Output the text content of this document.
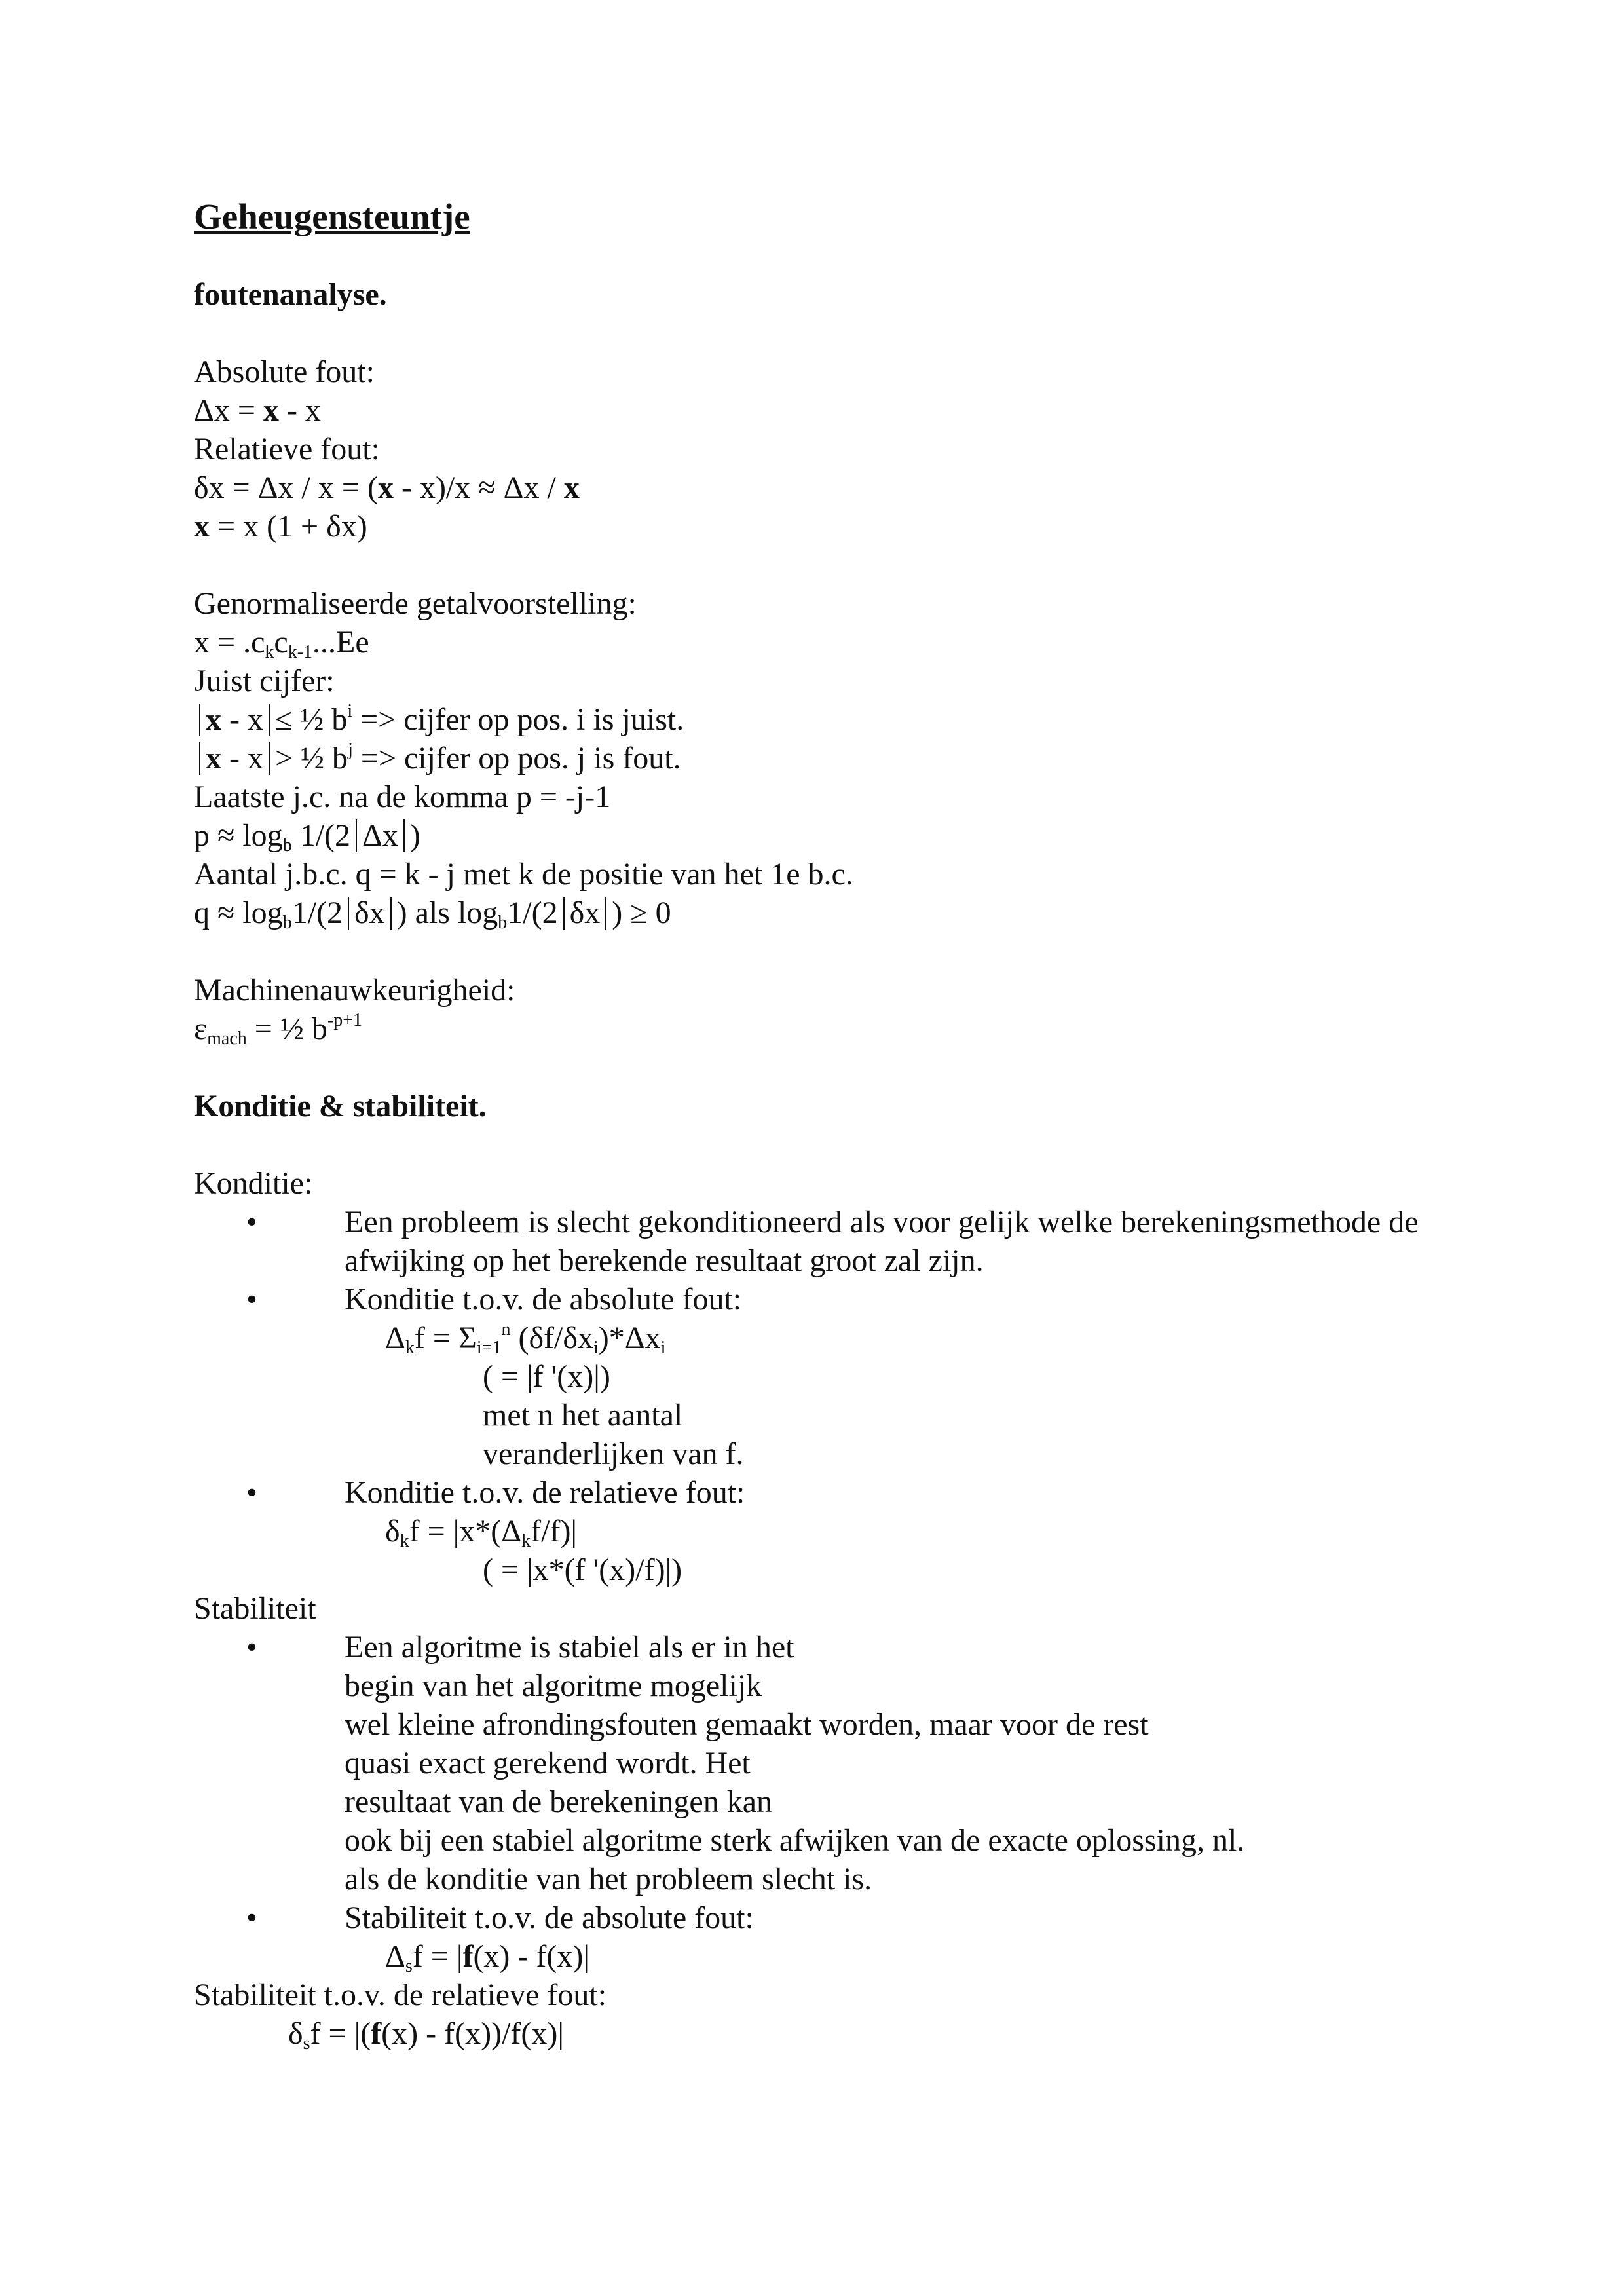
Geheugensteuntje
foutenanalyse.
Absolute fout:
Δx = x - x
Relatieve fout:
δx = Δx / x = (x - x)/x ≈ Δx / x
x = x (1 + δx)
Genormaliseerde getalvoorstelling:
$x = .c_kc_{k-1}...Ee$
Juist cijfer:
x - x ≤ ½ $b^i$ => cijfer op pos. i is juist.
x - x > ½ $b^j$ => cijfer op pos. j is fout.
Laatste j.c. na de komma p = -j-1
$p \approx \log_b 1/(2$ Δx )
Aantal j.b.c. q = k - j met k de positie van het 1e b.c.
$q \approx \log_b1/(2$ δx ) als $\log_b1/(2$ δx ) ≥ 0
Machinenauwkeurigheid:
$\varepsilon_{mach}$ = ½ $b^{-p+1}$
Konditie & stabiliteit.
Konditie:
•	Een probleem is slecht gekonditioneerd als voor gelijk welke berekeningsmethode de
afwijking op het berekende resultaat groot zal zijn.
•	Konditie t.o.v. de absolute fout:
$\Delta_kf = \Sigma_{i=1}^n$ $(\delta f/\delta x_i)*\Delta x_i$
( = |f '(x)|)
met n het aantal
veranderlijken van f.
•	Konditie t.o.v. de relatieve fout:
$\delta_kf = |x*(\Delta_kf/f)|$
( = |x*(f '(x)/f)|)
Stabiliteit
•	Een algoritme is stabiel als er in het
begin van het algoritme mogelijk
wel kleine afrondingsfouten gemaakt worden, maar voor de rest
quasi exact gerekend wordt. Het
resultaat van de berekeningen kan
ook bij een stabiel algoritme sterk afwijken van de exacte oplossing, nl.
als de konditie van het probleem slecht is.
•	Stabiliteit t.o.v. de absolute fout:
$\Delta_sf = |f(x) - f(x)|$
Stabiliteit t.o.v. de relatieve fout:
$\delta_sf = |(f(x) - f(x))/f(x)|$
